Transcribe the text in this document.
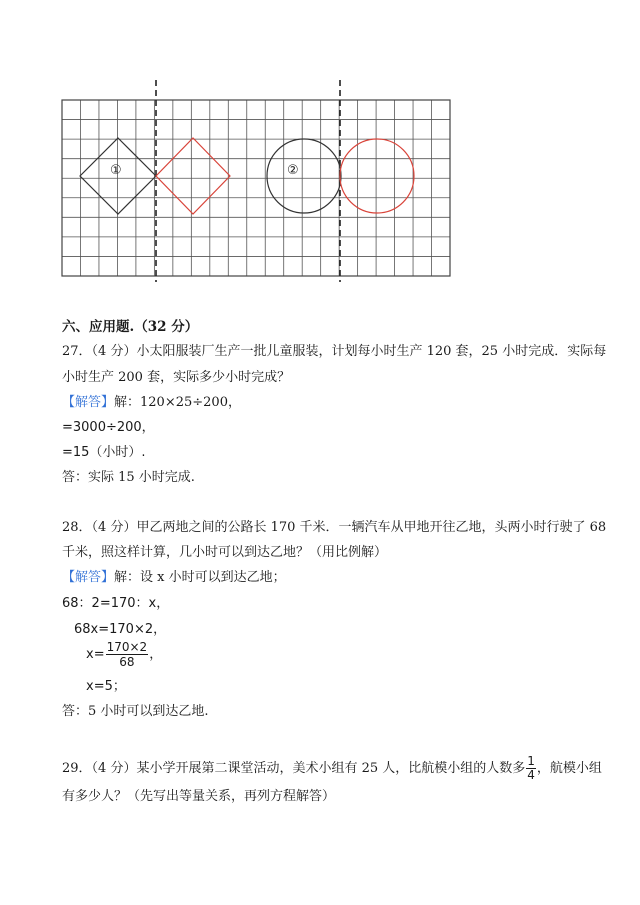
①	②
六、应用题.（32 分）
27．（4 分）小太阳服装厂生产一批儿童服装，计划每小时生产 120 套，25 小时完成．实际每
小时生产 200 套，实际多少小时完成？
【解答】解：120×25÷200，
=3000÷200，
=15（小时）.
答：实际 15 小时完成.
28．（4 分）甲乙两地之间的公路长 170 千米．一辆汽车从甲地开往乙地，头两小时行驶了 68
千米，照这样计算，几小时可以到达乙地？（用比例解）
【解答】解：设 x 小时可以到达乙地；
68：2=170：x，
68x=170×2，
$x= \frac{170\times 2}{68}$ ，
x=5；
答：5 小时可以到达乙地.
29．（4 分）某小学开展第二课堂活动，美术小组有 25 人，比航模小组的人数多 $\frac{1}{4}$ ，航模小组
有多少人？（先写出等量关系，再列方程解答）
